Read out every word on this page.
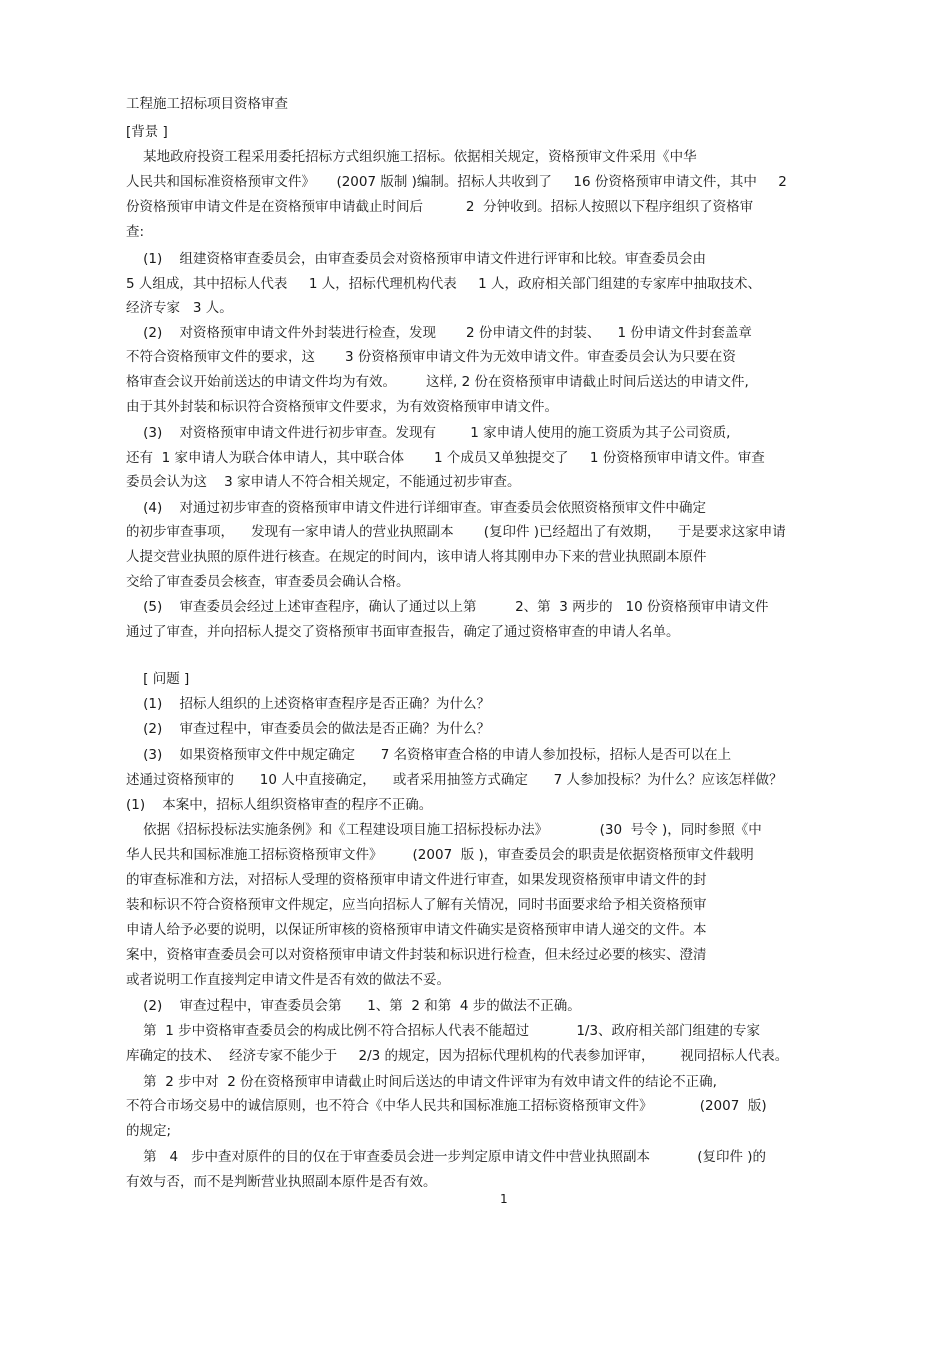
工程施工招标项目资格审查
[背景 ]
某地政府投资工程采用委托招标方式组织施工招标。依据相关规定，资格预审文件采用《中华
人民共和国标准资格预审文件》     (2007 版制 )编制。招标人共收到了     16 份资格预审申请文件，其中     2
份资格预审申请文件是在资格预审申请截止时间后          2  分钟收到。招标人按照以下程序组织了资格审
查:
(1)    组建资格审查委员会，由审查委员会对资格预审申请文件进行评审和比较。审查委员会由
5 人组成，其中招标人代表     1 人，招标代理机构代表     1 人，政府相关部门组建的专家库中抽取技术、
经济专家   3 人。
(2)    对资格预审申请文件外封装进行检查，发现       2 份申请文件的封装、    1 份申请文件封套盖章
不符合资格预审文件的要求，这       3 份资格预审申请文件为无效申请文件。审查委员会认为只要在资
格审查会议开始前送达的申请文件均为有效。       这样, 2 份在资格预审申请截止时间后送达的申请文件,
由于其外封装和标识符合资格预审文件要求，为有效资格预审申请文件。
(3)    对资格预审申请文件进行初步审查。发现有        1 家申请人使用的施工资质为其子公司资质,
还有  1 家申请人为联合体申请人，其中联合体       1 个成员又单独提交了     1 份资格预审申请文件。审查
委员会认为这    3 家申请人不符合相关规定，不能通过初步审查。
(4)    对通过初步审查的资格预审申请文件进行详细审查。审查委员会依照资格预审文件中确定
的初步审查事项，    发现有一家申请人的营业执照副本       (复印件 )已经超出了有效期，    于是要求这家申请
人提交营业执照的原件进行核查。在规定的时间内，该申请人将其刚申办下来的营业执照副本原件
交给了审查委员会核查，审查委员会确认合格。
(5)    审查委员会经过上述审查程序，确认了通过以上第         2、第  3 两步的   10 份资格预审申请文件
通过了审查，并向招标人提交了资格预审书面审查报告，确定了通过资格审查的申请人名单。
[ 问题 ]
(1)    招标人组织的上述资格审查程序是否正确？为什么？
(2)    审查过程中，审查委员会的做法是否正确？为什么？
(3)    如果资格预审文件中规定确定      7 名资格审查合格的申请人参加投标，招标人是否可以在上
述通过资格预审的      10 人中直接确定，    或者采用抽签方式确定      7 人参加投标？为什么？应该怎样做？
(1)    本案中，招标人组织资格审查的程序不正确。
依据《招标投标法实施条例》和《工程建设项目施工招标投标办法》            (30  号令 )，同时参照《中
华人民共和国标准施工招标资格预审文件》       (2007  版 )，审查委员会的职责是依据资格预审文件载明
的审查标准和方法，对招标人受理的资格预审申请文件进行审查，如果发现资格预审申请文件的封
装和标识不符合资格预审文件规定，应当向招标人了解有关情况，同时书面要求给予相关资格预审
申请人给予必要的说明，以保证所审核的资格预审申请文件确实是资格预审申请人递交的文件。本
案中，资格审查委员会可以对资格预审申请文件封装和标识进行检查，但未经过必要的核实、澄清
或者说明工作直接判定申请文件是否有效的做法不妥。
(2)    审查过程中，审查委员会第      1、第  2 和第  4 步的做法不正确。
第  1 步中资格审查委员会的构成比例不符合招标人代表不能超过           1/3、政府相关部门组建的专家
库确定的技术、  经济专家不能少于     2/3 的规定，因为招标代理机构的代表参加评审，      视同招标人代表。
第  2 步中对  2 份在资格预审申请截止时间后送达的申请文件评审为有效申请文件的结论不正确,
不符合市场交易中的诚信原则，也不符合《中华人民共和国标准施工招标资格预审文件》           (2007  版)
的规定;
第   4   步中查对原件的目的仅在于审查委员会进一步判定原申请文件中营业执照副本           (复印件 )的
有效与否，而不是判断营业执照副本原件是否有效。
1
